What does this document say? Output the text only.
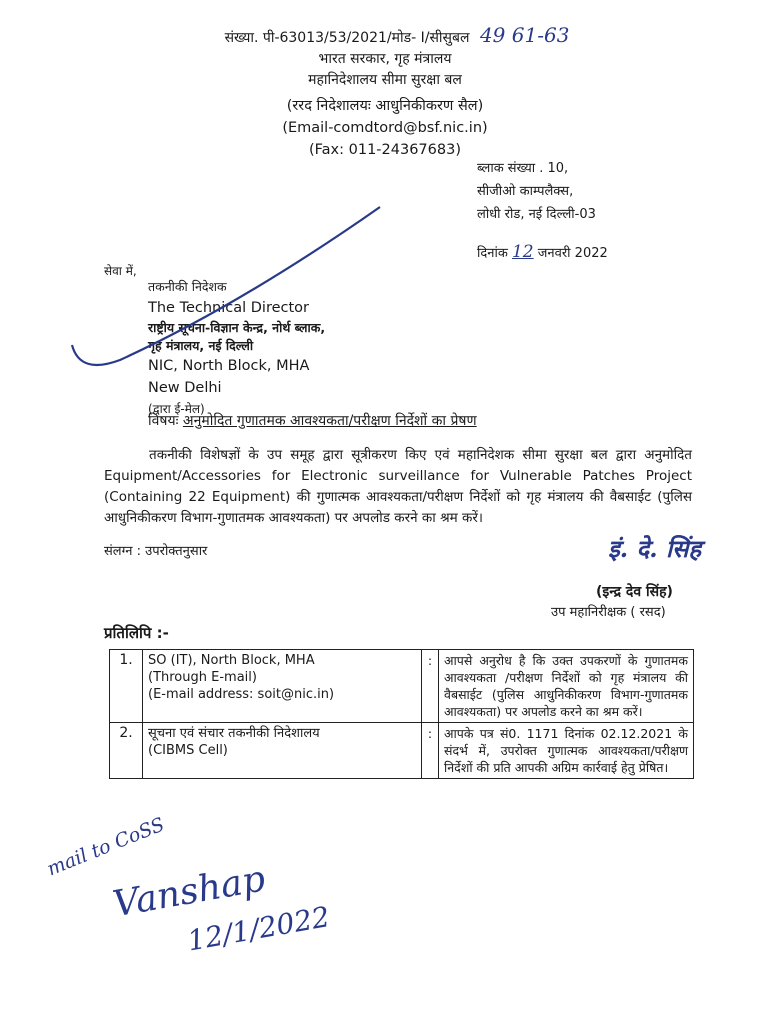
संख्या. पी-63013/53/2021/मोड- I/सीसुबल 49 61-63
भारत सरकार, गृह मंत्रालय
महानिदेशालय सीमा सुरक्षा बल
(ररद निदेशालयः आधुनिकीकरण सैल)
(Email-comdtord@bsf.nic.in)
(Fax: 011-24367683)
ब्लाक संख्या . 10,
सीजीओ काम्पलैक्स,
लोधी रोड, नई दिल्ली-03
दिनांक 12 जनवरी 2022
सेवा में,
तकनीकी निदेशक
The Technical Director
राष्ट्रीय सूचना-विज्ञान केन्द्र, नोर्थ ब्लाक,
गृह मंत्रालय, नई दिल्ली
NIC, North Block, MHA
New Delhi
(द्वारा ई-मेल)
विषयः अनुमोदित गुणातमक आवश्यकता/परीक्षण निर्देशों का प्रेषण
तकनीकी विशेषज्ञों के उप समूह द्वारा सूत्रीकरण किए एवं महानिदेशक सीमा सुरक्षा बल द्वारा अनुमोदित Equipment/Accessories for Electronic surveillance for Vulnerable Patches Project (Containing 22 Equipment) की गुणात्मक आवश्यकता/परीक्षण निर्देशों को गृह मंत्रालय की वैबसाईट (पुलिस आधुनिकीकरण विभाग-गुणातमक आवश्यकता) पर अपलोड करने का श्रम करें।
संलग्न : उपरोक्तनुसार	इं. दे. सिंह
(इन्द्र देव सिंह)
उप महानिरीक्षक ( रसद)
प्रतिलिपि :-
1.	SO (IT), North Block, MHA
(Through E-mail)
(E-mail address: soit@nic.in)	:	आपसे अनुरोध है कि उक्त उपकरणों के गुणातमक आवश्यकता /परीक्षण निर्देशों को गृह मंत्रालय की वैबसाईट (पुलिस आधुनिकीकरण विभाग-गुणातमक आवश्यकता) पर अपलोड करने का श्रम करें।
2.	सूचना एवं संचार तकनीकी निदेशालय
(CIBMS Cell)	:	आपके पत्र सं0. 1171 दिनांक 02.12.2021 के संदर्भ में, उपरोक्त गुणात्मक आवश्यकता/परीक्षण निर्देशों की प्रति आपकी अग्रिम कार्रवाई हेतु प्रेषित।
mail to CoSS
Vanshap
12/1/2022
